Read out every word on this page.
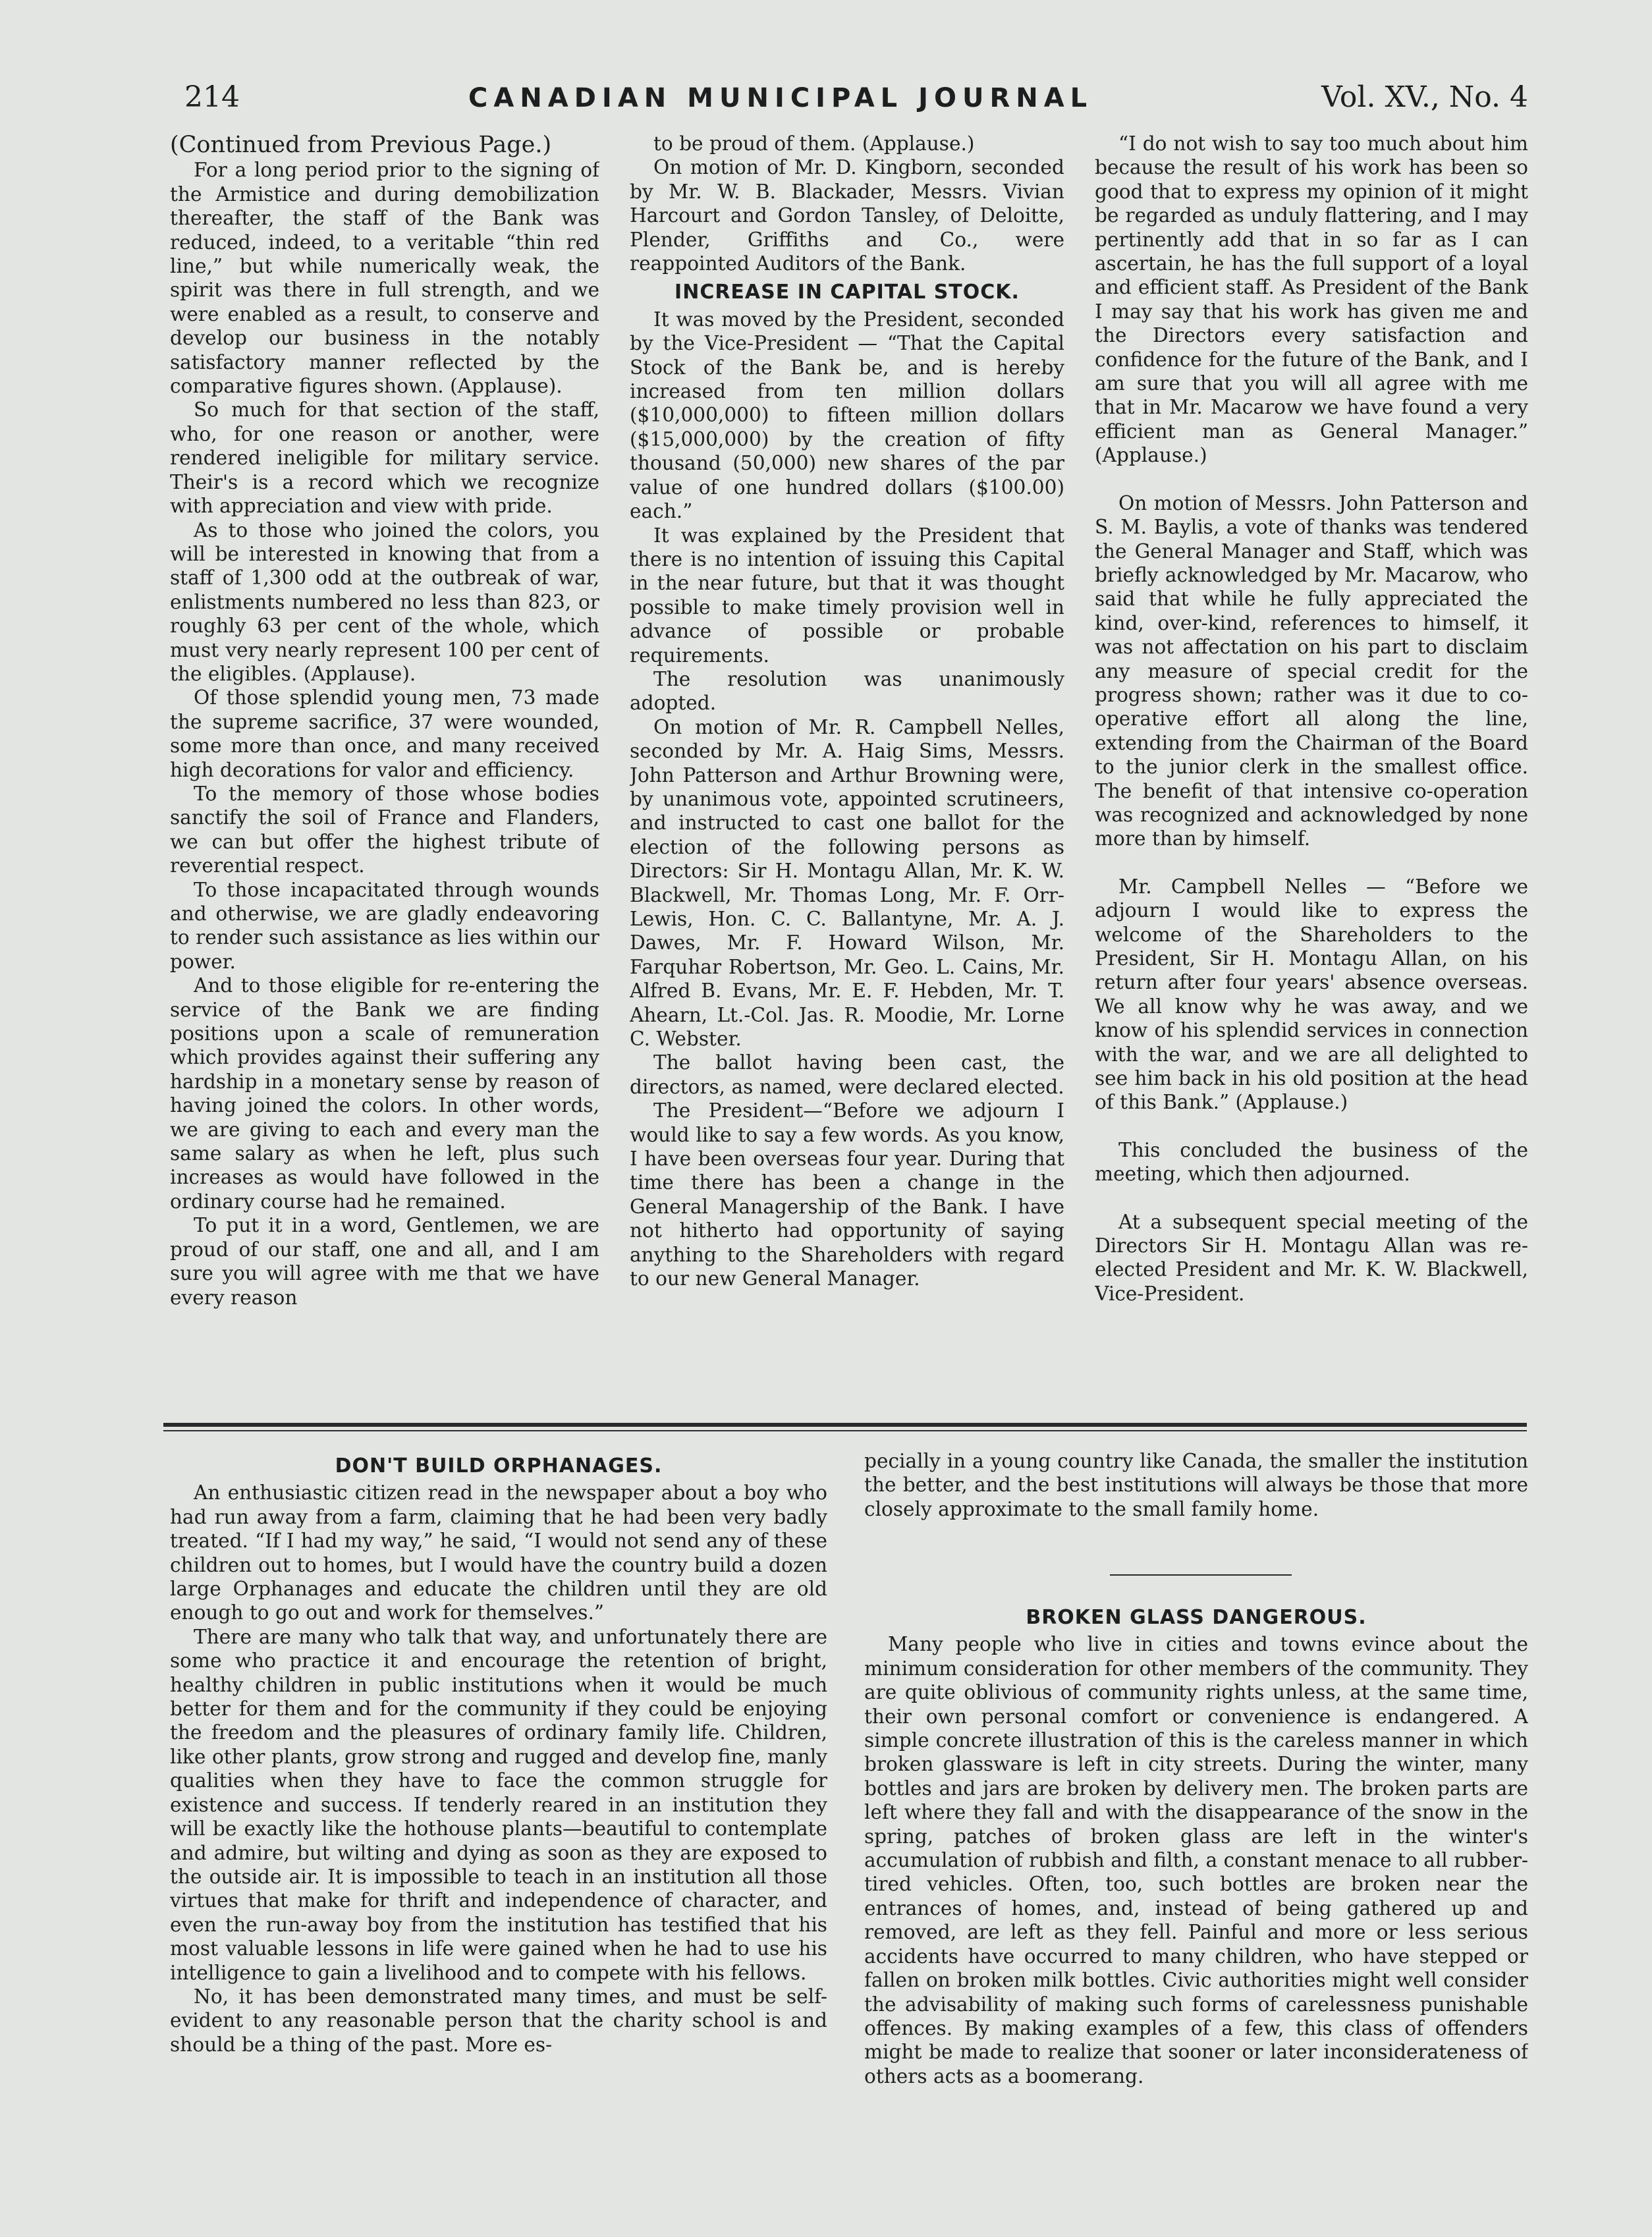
214	CANADIAN MUNICIPAL JOURNAL	Vol. XV., No. 4

(Continued from Previous Page.)

For a long period prior to the signing of the Armistice and during demobilization thereafter, the staff of the Bank was reduced, indeed, to a veritable “thin red line,” but while numerically weak, the spirit was there in full strength, and we were enabled as a result, to conserve and develop our business in the notably satisfactory manner reflected by the comparative figures shown. (Applause).

So much for that section of the staff, who, for one reason or another, were rendered ineligible for military service. Their's is a record which we recognize with appreciation and view with pride.

As to those who joined the colors, you will be interested in knowing that from a staff of 1,300 odd at the outbreak of war, enlistments numbered no less than 823, or roughly 63 per cent of the whole, which must very nearly represent 100 per cent of the eligibles. (Applause).

Of those splendid young men, 73 made the supreme sacrifice, 37 were wounded, some more than once, and many received high decorations for valor and efficiency.

To the memory of those whose bodies sanctify the soil of France and Flanders, we can but offer the highest tribute of reverential respect.

To those incapacitated through wounds and otherwise, we are gladly endeavoring to render such assistance as lies within our power.

And to those eligible for re-entering the service of the Bank we are finding positions upon a scale of remuneration which provides against their suffering any hardship in a monetary sense by reason of having joined the colors. In other words, we are giving to each and every man the same salary as when he left, plus such increases as would have followed in the ordinary course had he remained.

To put it in a word, Gentlemen, we are proud of our staff, one and all, and I am sure you will agree with me that we have every reason

to be proud of them. (Applause.)

On motion of Mr. D. Kingborn, seconded by Mr. W. B. Blackader, Messrs. Vivian Harcourt and Gordon Tansley, of Deloitte, Plender, Griffiths and Co., were reappointed Auditors of the Bank.

INCREASE IN CAPITAL STOCK.

It was moved by the President, seconded by the Vice-President — “That the Capital Stock of the Bank be, and is hereby increased from ten million dollars ($10,000,000) to fifteen million dollars ($15,000,000) by the creation of fifty thousand (50,000) new shares of the par value of one hundred dollars ($100.00) each.”

It was explained by the President that there is no intention of issuing this Capital in the near future, but that it was thought possible to make timely provision well in advance of possible or probable requirements.

The resolution was unanimously adopted.

On motion of Mr. R. Campbell Nelles, seconded by Mr. A. Haig Sims, Messrs. John Patterson and Arthur Browning were, by unanimous vote, appointed scrutineers, and instructed to cast one ballot for the election of the following persons as Directors: Sir H. Montagu Allan, Mr. K. W. Blackwell, Mr. Thomas Long, Mr. F. Orr-Lewis, Hon. C. C. Ballantyne, Mr. A. J. Dawes, Mr. F. Howard Wilson, Mr. Farquhar Robertson, Mr. Geo. L. Cains, Mr. Alfred B. Evans, Mr. E. F. Hebden, Mr. T. Ahearn, Lt.-Col. Jas. R. Moodie, Mr. Lorne C. Webster.

The ballot having been cast, the directors, as named, were declared elected.

The President—“Before we adjourn I would like to say a few words. As you know, I have been overseas four year. During that time there has been a change in the General Managership of the Bank. I have not hitherto had opportunity of saying anything to the Shareholders with regard to our new General Manager.

“I do not wish to say too much about him because the result of his work has been so good that to express my opinion of it might be regarded as unduly flattering, and I may pertinently add that in so far as I can ascertain, he has the full support of a loyal and efficient staff. As President of the Bank I may say that his work has given me and the Directors every satisfaction and confidence for the future of the Bank, and I am sure that you will all agree with me that in Mr. Macarow we have found a very efficient man as General Manager.” (Applause.)

On motion of Messrs. John Patterson and S. M. Baylis, a vote of thanks was tendered the General Manager and Staff, which was briefly acknowledged by Mr. Macarow, who said that while he fully appreciated the kind, over-kind, references to himself, it was not affectation on his part to disclaim any measure of special credit for the progress shown; rather was it due to co-operative effort all along the line, extending from the Chairman of the Board to the junior clerk in the smallest office. The benefit of that intensive co-operation was recognized and acknowledged by none more than by himself.

Mr. Campbell Nelles — “Before we adjourn I would like to express the welcome of the Shareholders to the President, Sir H. Montagu Allan, on his return after four years' absence overseas. We all know why he was away, and we know of his splendid services in connection with the war, and we are all delighted to see him back in his old position at the head of this Bank.” (Applause.)

This concluded the business of the meeting, which then adjourned.

At a subsequent special meeting of the Directors Sir H. Montagu Allan was re-elected President and Mr. K. W. Blackwell, Vice-President.

DON'T BUILD ORPHANAGES.

An enthusiastic citizen read in the newspaper about a boy who had run away from a farm, claiming that he had been very badly treated. “If I had my way,” he said, “I would not send any of these children out to homes, but I would have the country build a dozen large Orphanages and educate the children until they are old enough to go out and work for themselves.”

There are many who talk that way, and unfortunately there are some who practice it and encourage the retention of bright, healthy children in public institutions when it would be much better for them and for the community if they could be enjoying the freedom and the pleasures of ordinary family life. Children, like other plants, grow strong and rugged and develop fine, manly qualities when they have to face the common struggle for existence and success. If tenderly reared in an institution they will be exactly like the hothouse plants—beautiful to contemplate and admire, but wilting and dying as soon as they are exposed to the outside air. It is impossible to teach in an institution all those virtues that make for thrift and independence of character, and even the run-away boy from the institution has testified that his most valuable lessons in life were gained when he had to use his intelligence to gain a livelihood and to compete with his fellows.

No, it has been demonstrated many times, and must be self-evident to any reasonable person that the charity school is and should be a thing of the past. More es-

pecially in a young country like Canada, the smaller the institution the better, and the best institutions will always be those that more closely approximate to the small family home.

BROKEN GLASS DANGEROUS.

Many people who live in cities and towns evince about the minimum consideration for other members of the community. They are quite oblivious of community rights unless, at the same time, their own personal comfort or convenience is endangered. A simple concrete illustration of this is the careless manner in which broken glassware is left in city streets. During the winter, many bottles and jars are broken by delivery men. The broken parts are left where they fall and with the disappearance of the snow in the spring, patches of broken glass are left in the winter's accumulation of rubbish and filth, a constant menace to all rubber-tired vehicles. Often, too, such bottles are broken near the entrances of homes, and, instead of being gathered up and removed, are left as they fell. Painful and more or less serious accidents have occurred to many children, who have stepped or fallen on broken milk bottles. Civic authorities might well consider the advisability of making such forms of carelessness punishable offences. By making examples of a few, this class of offenders might be made to realize that sooner or later inconsiderateness of others acts as a boomerang.
